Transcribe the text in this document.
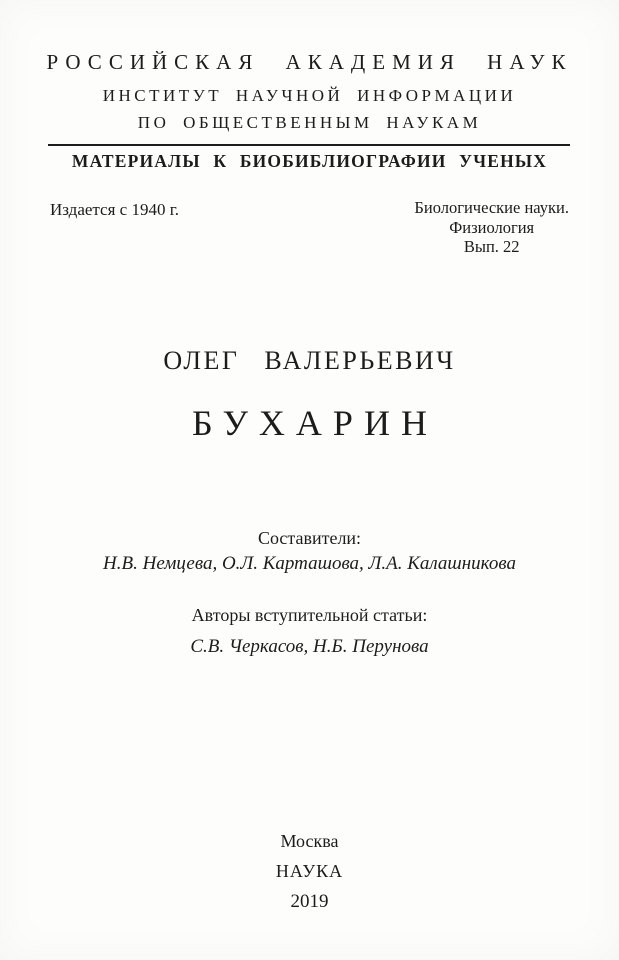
РОССИЙСКАЯ АКАДЕМИЯ НАУК
ИНСТИТУТ НАУЧНОЙ ИНФОРМАЦИИ
ПО ОБЩЕСТВЕННЫМ НАУКАМ
МАТЕРИАЛЫ К БИОБИБЛИОГРАФИИ УЧЕНЫХ
Издается с 1940 г.	Биологические науки.
Физиология
Вып. 22
ОЛЕГ ВАЛЕРЬЕВИЧ
БУХАРИН
Составители:
Н.В. Немцева, О.Л. Карташова, Л.А. Калашникова
Авторы вступительной статьи:
С.В. Черкасов, Н.Б. Перунова
Москва
НАУКА
2019
